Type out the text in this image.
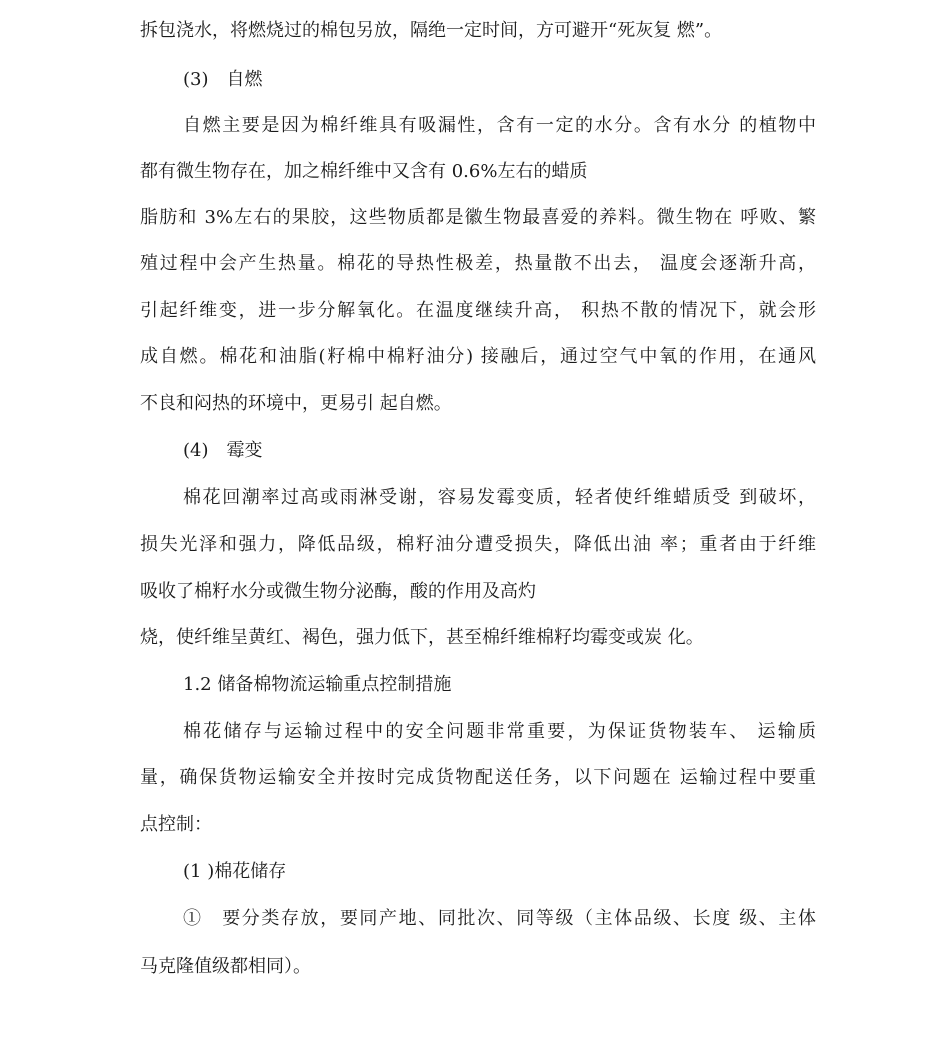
拆包浇水，将燃烧过的棉包另放，隔绝一定时间，方可避开“死灰复 燃”。
(3)　自燃
自燃主要是因为棉纤维具有吸漏性，含有一定的水分。含有水分 的植物中
都有微生物存在，加之棉纤维中又含有 0.6%左右的蜡质
脂肪和 3%左右的果胶，这些物质都是徽生物最喜爱的养料。微生物在 呼败、繁
殖过程中会产生热量。棉花的导热性极差，热量散不出去， 温度会逐渐升高，
引起纤维变，进一步分解氧化。在温度继续升高， 积热不散的情况下，就会形
成自燃。棉花和油脂(籽棉中棉籽油分) 接融后，通过空气中氧的作用，在通风
不良和闷热的环境中，更易引 起自燃。
(4)　霉变
棉花回潮率过高或雨淋受谢，容易发霉变质，轻者使纤维蜡质受 到破坏，
损失光泽和强力，降低品级，棉籽油分遭受损失，降低出油 率；重者由于纤维
吸收了棉籽水分或微生物分泌酶，酸的作用及高灼
烧，使纤维呈黄红、褐色，强力低下，甚至棉纤维棉籽均霉变或炭 化。
1.2 储备棉物流运输重点控制措施
棉花储存与运输过程中的安全问题非常重要，为保证货物装车、 运输质
量，确保货物运输安全并按时完成货物配送任务，以下问题在 运输过程中要重
点控制：
(1 )棉花储存
①　要分类存放，要同产地、同批次、同等级（主体品级、长度 级、主体
马克隆值级都相同）。
